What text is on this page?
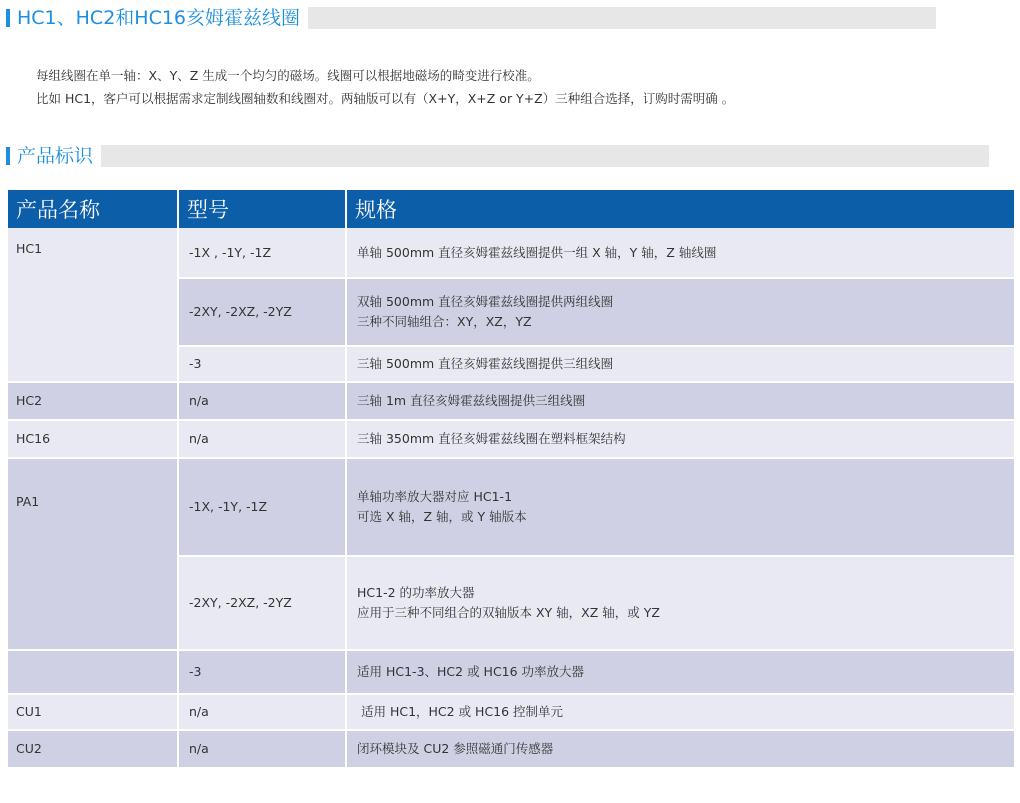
HC1、HC2和HC16亥姆霍兹线圈

每组线圈在单一轴：X、Y、Z 生成一个均匀的磁场。线圈可以根据地磁场的畸变进行校准。

比如 HC1，客户可以根据需求定制线圈轴数和线圈对。两轴版可以有（X+Y，X+Z or Y+Z）三种组合选择，订购时需明确 。

产品标识
产品名称	型号	规格
HC1	-1X , -1Y, -1Z	单轴 500mm 直径亥姆霍兹线圈提供一组 X 轴，Y 轴，Z 轴线圈

	-2XY, -2XZ, -2YZ	双轴 500mm 直径亥姆霍兹线圈提供两组线圈
三种不同轴组合：XY，XZ，YZ

	-3	三轴 500mm 直径亥姆霍兹线圈提供三组线圈

HC2	n/a	三轴 1m 直径亥姆霍兹线圈提供三组线圈

HC16	n/a	三轴 350mm 直径亥姆霍兹线圈在塑料框架结构

PA1	-1X, -1Y, -1Z	单轴功率放大器对应 HC1-1
可选 X 轴，Z 轴，或 Y 轴版本

	-2XY, -2XZ, -2YZ	HC1-2 的功率放大器
应用于三种不同组合的双轴版本 XY 轴，XZ 轴，或 YZ

	-3	适用 HC1-3、HC2 或 HC16 功率放大器

CU1	n/a	适用 HC1，HC2 或 HC16 控制单元

CU2	n/a	闭环模块及 CU2 参照磁通门传感器
